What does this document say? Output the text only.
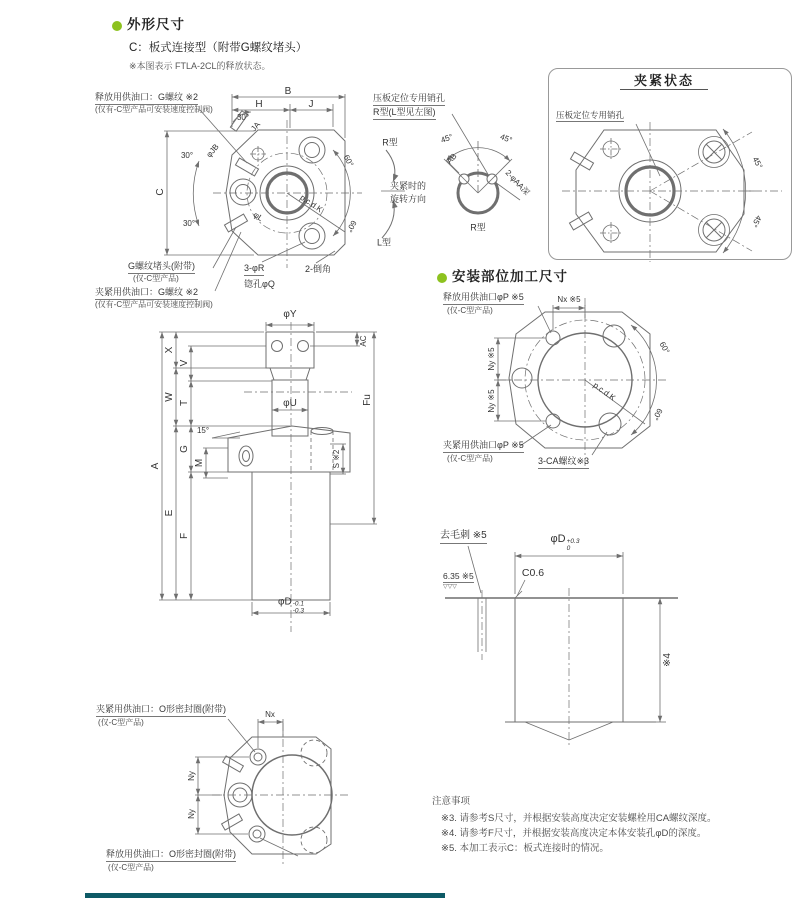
外形尺寸
C：板式连接型（附带G螺纹堵头）
※本图表示 FTLA-2CL的释放状态。
安装部位加工尺寸
夹紧状态
压板定位专用销孔
45°
45°
释放用供油口：G螺纹 ※2
(仅有-C型产品可安装速度控制阀)
B
H	J
30°
JA
φJB
C
30°
30°
p.c.d.K
φL
60°
60°
R型
夹紧时的
旋转方向
L型
3-φR
锪孔φQ
2-倒角
G螺纹堵头(附带)
(仅-C型产品)
夹紧用供油口：G螺纹 ※2
(仅有-C型产品可安装速度控制阀)
压板定位专用销孔
R型(L型见左图)
45°	45°
AB
2-φAA深
R型
φY
AC
X
V
W
T
15°
G
M
A
E
F
φU	Fu
S ※2
φD -0.1
-0.3
释放用供油口φP ※5
(仅-C型产品)
Nx ※5
Ny ※5
Ny ※5	p.c.d.K
60°
60°
夹紧用供油口φP ※5
(仅-C型产品)	3-CA螺纹※3
去毛刺 ※5	φD +0.3
0
C0.6
6.35 ※5
▽▽▽
※4
夹紧用供油口：O形密封圈(附带)
(仅-C型产品)
Nx
Ny
Ny
释放用供油口：O形密封圈(附带)
(仅-C型产品)
注意事项
※3. 请参考S尺寸，并根据安装高度决定安装螺栓用CA螺纹深度。
※4. 请参考F尺寸，并根据安装高度决定本体安装孔φD的深度。
※5. 本加工表示C：板式连接时的情况。
